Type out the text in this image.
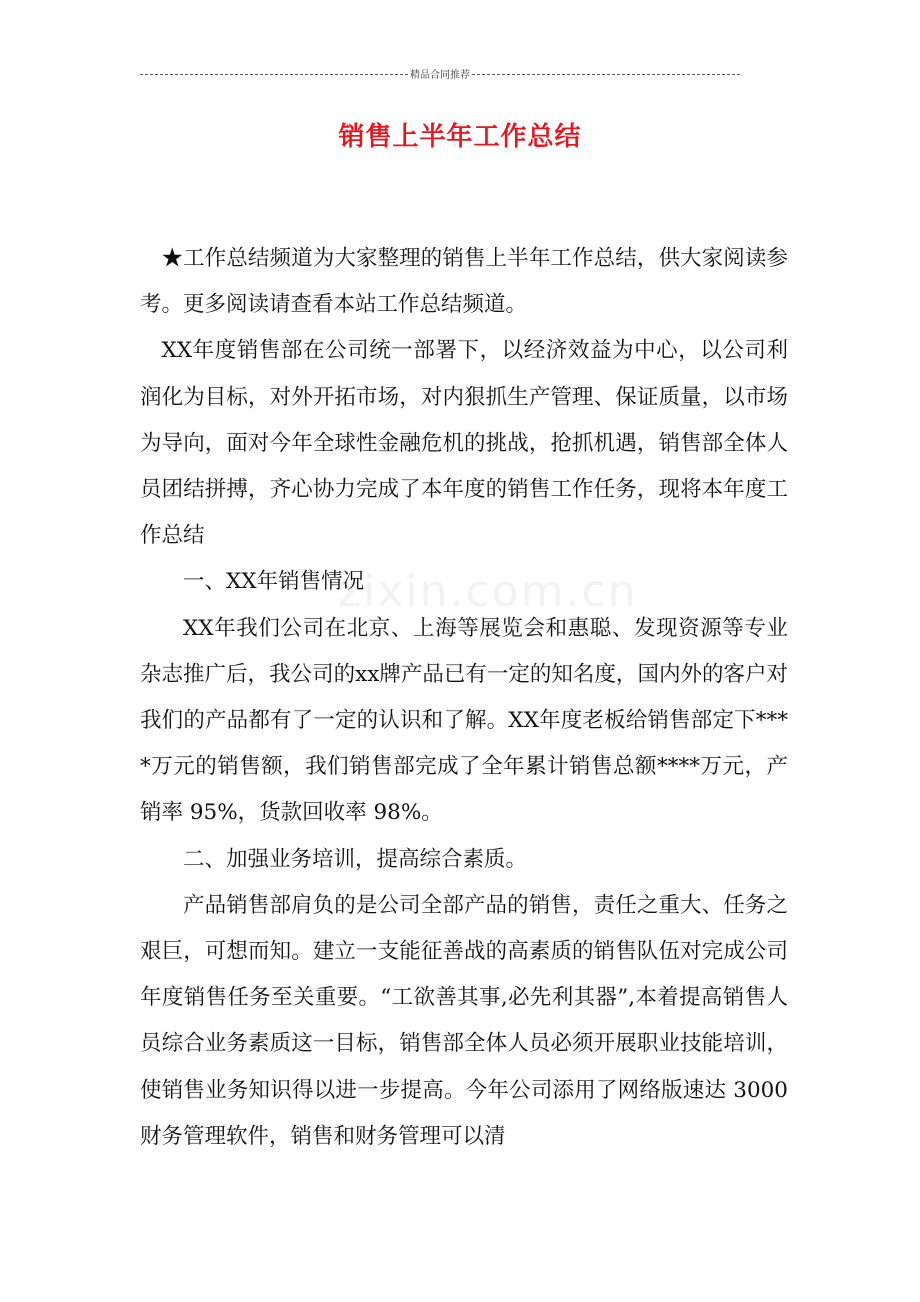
精品合同推荐
销售上半年工作总结
zixin.com.cn

★工作总结频道为大家整理的销售上半年工作总结，供大家阅读参考。更多阅读请查看本站工作总结频道。

XX年度销售部在公司统一部署下，以经济效益为中心，以公司利润化为目标，对外开拓市场，对内狠抓生产管理、保证质量，以市场为导向，面对今年全球性金融危机的挑战，抢抓机遇，销售部全体人员团结拼搏，齐心协力完成了本年度的销售工作任务，现将本年度工作总结

一、XX年销售情况

XX年我们公司在北京、上海等展览会和惠聪、发现资源等专业杂志推广后，我公司的xx牌产品已有一定的知名度，国内外的客户对我们的产品都有了一定的认识和了解。XX年度老板给销售部定下****万元的销售额，我们销售部完成了全年累计销售总额****万元，产销率 95%，货款回收率 98%。

二、加强业务培训，提高综合素质。

产品销售部肩负的是公司全部产品的销售，责任之重大、任务之艰巨，可想而知。建立一支能征善战的高素质的销售队伍对完成公司年度销售任务至关重要。“工欲善其事,必先利其器”,本着提高销售人员综合业务素质这一目标，销售部全体人员必须开展职业技能培训，使销售业务知识得以进一步提高。今年公司添用了网络版速达 3000 财务管理软件，销售和财务管理可以清
